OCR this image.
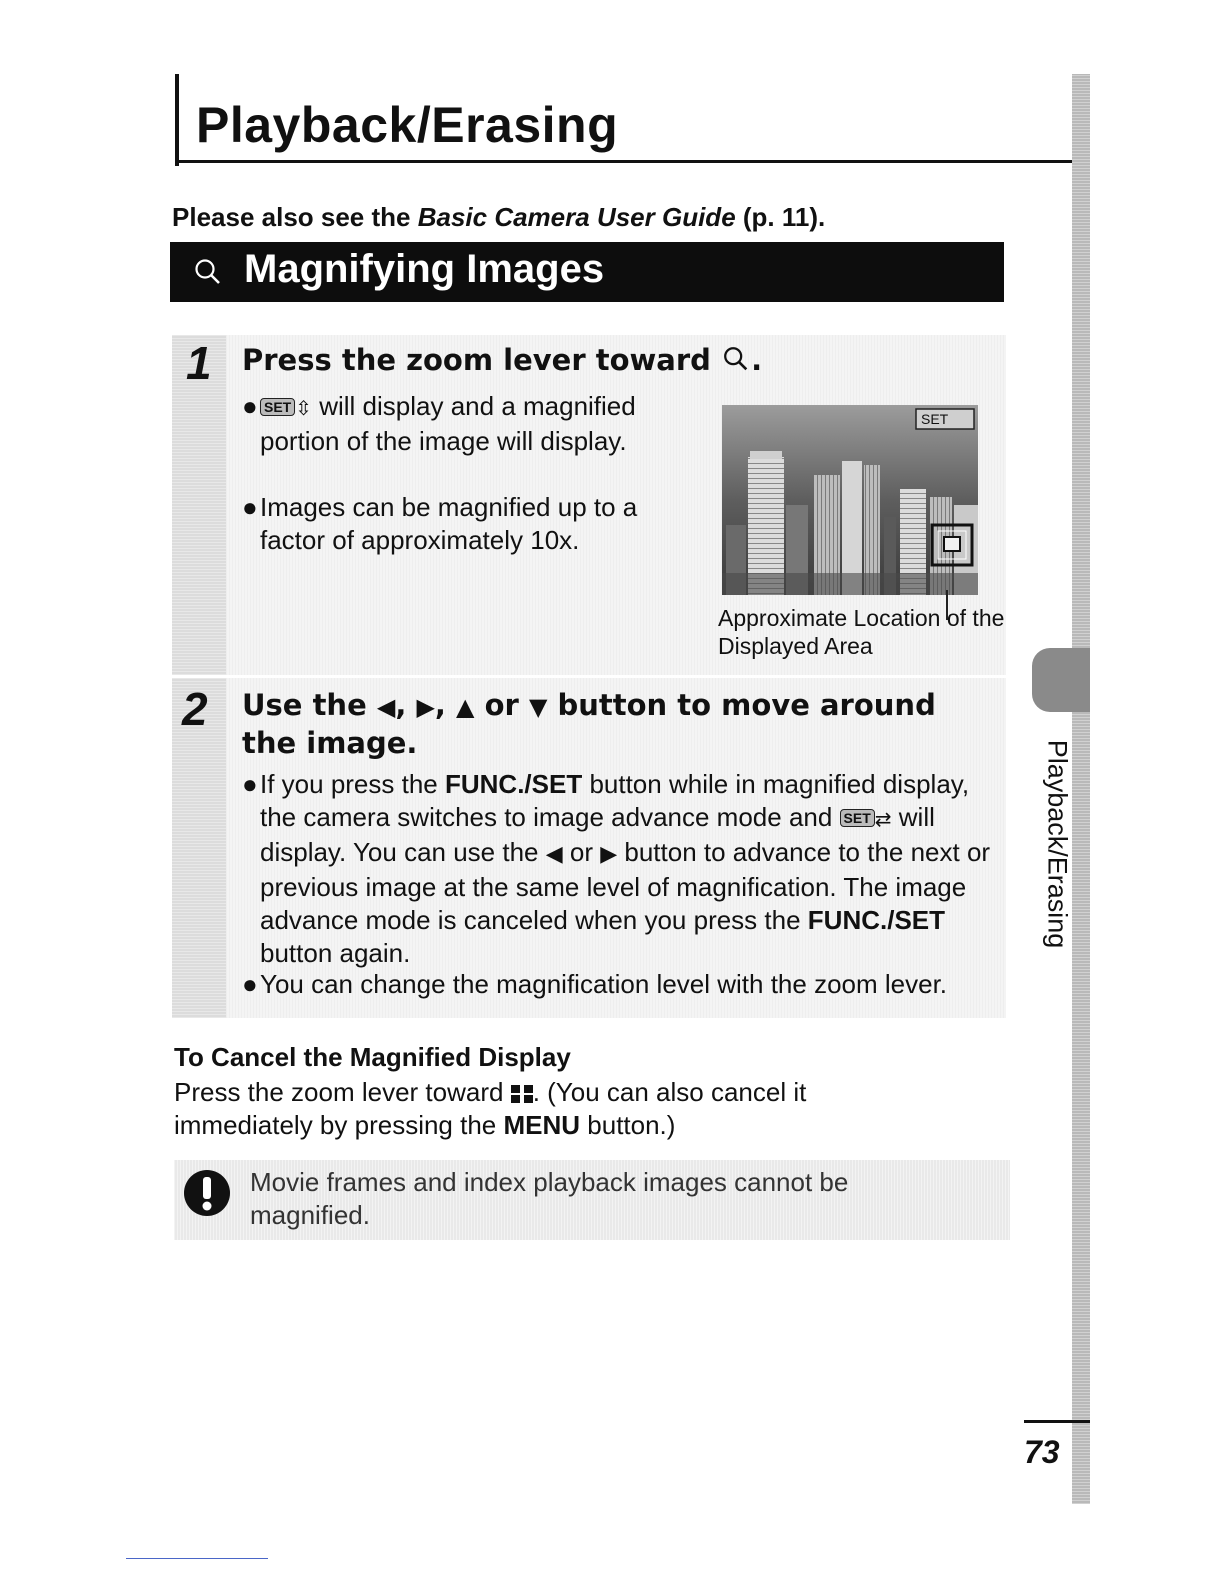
Playback/Erasing
Playback/Erasing
Please also see the Basic Camera User Guide (p. 11).
Magnifying Images
1 Press the zoom lever toward .
● SET ⇳ will display and a magnified portion of the image will display.
● Images can be magnified up to a factor of approximately 10x.
SET
Approximate Location of the Displayed Area
2 Use the ◀, ▶, ▲ or ▼ button to move around the image.
● If you press the FUNC./SET button while in magnified display, the camera switches to image advance mode and SET ⇄ will display. You can use the ◀ or ▶ button to advance to the next or previous image at the same level of magnification. The image advance mode is canceled when you press the FUNC./SET button again.
● You can change the magnification level with the zoom lever.
To Cancel the Magnified Display
Press the zoom lever toward . (You can also cancel it immediately by pressing the MENU button.)
Movie frames and index playback images cannot be magnified.
73
